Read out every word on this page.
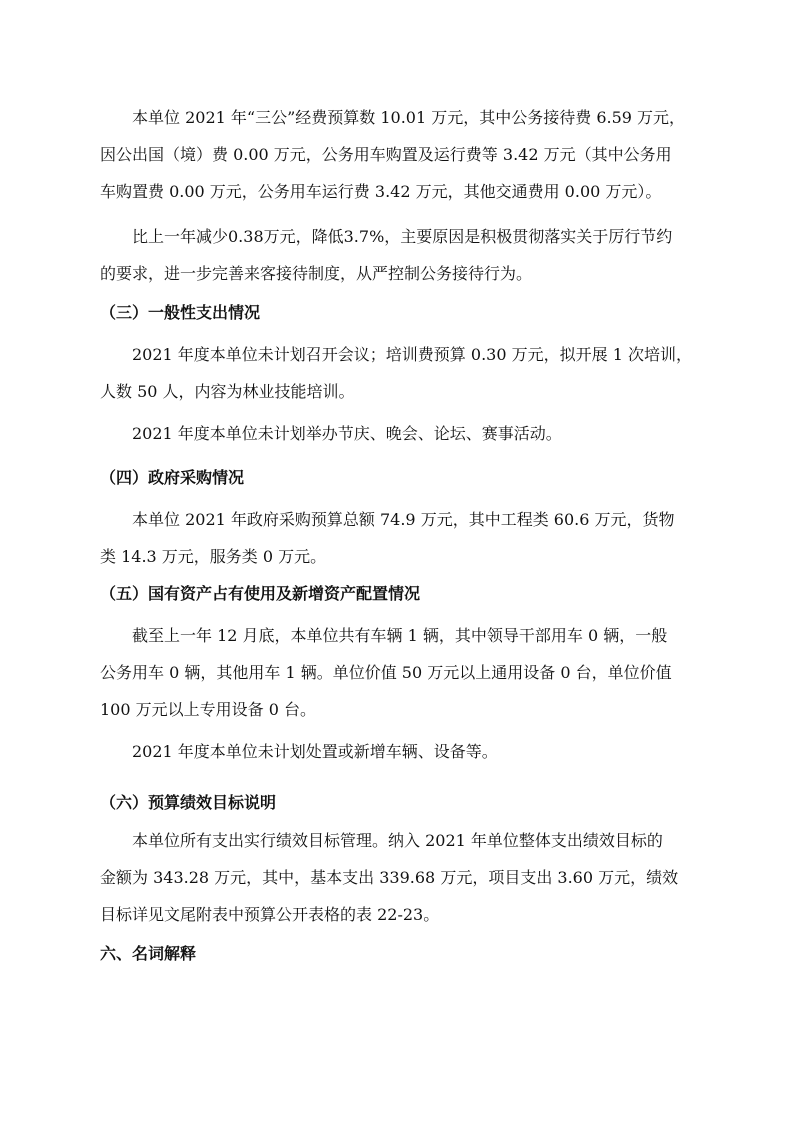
本单位 2021 年“三公”经费预算数 10.01 万元，其中公务接待费 6.59 万元，
因公出国（境）费 0.00 万元，公务用车购置及运行费等 3.42 万元（其中公务用
车购置费 0.00 万元，公务用车运行费 3.42 万元，其他交通费用 0.00 万元）。
比上一年减少0.38万元，降低3.7%，主要原因是积极贯彻落实关于厉行节约
的要求，进一步完善来客接待制度，从严控制公务接待行为。
（三）一般性支出情况
2021 年度本单位未计划召开会议；培训费预算 0.30 万元，拟开展 1 次培训，
人数 50 人，内容为林业技能培训。
2021 年度本单位未计划举办节庆、晚会、论坛、赛事活动。
（四）政府采购情况
本单位 2021 年政府采购预算总额 74.9 万元，其中工程类 60.6 万元，货物
类 14.3 万元，服务类 0 万元。
（五）国有资产占有使用及新增资产配置情况
截至上一年 12 月底，本单位共有车辆 1 辆，其中领导干部用车 0 辆，一般
公务用车 0 辆，其他用车 1 辆。单位价值 50 万元以上通用设备 0 台，单位价值
100 万元以上专用设备 0 台。
2021 年度本单位未计划处置或新增车辆、设备等。
（六）预算绩效目标说明
本单位所有支出实行绩效目标管理。纳入 2021 年单位整体支出绩效目标的
金额为 343.28 万元，其中，基本支出 339.68 万元，项目支出 3.60 万元，绩效
目标详见文尾附表中预算公开表格的表 22-23。
六、名词解释
